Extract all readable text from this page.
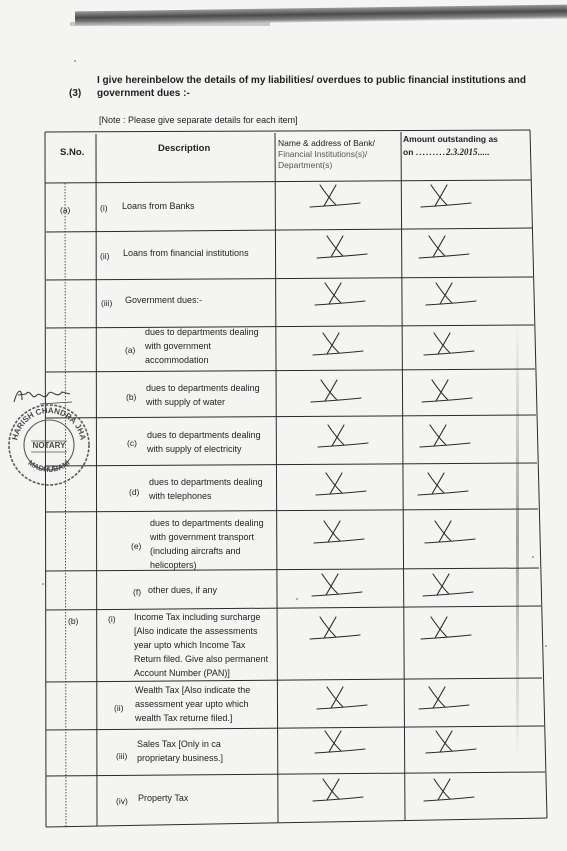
(3)
I give hereinbelow the details of my liabilities/ overdues to public financial institutions and government dues :-
[Note : Please give separate details for each item]
S.No.	Description	Name & address of Bank/
Financial Institutions(s)/
Department(s)
Amount outstanding as
on .........2.3.2015.....
(a)
(b)
(i)
(ii)
(iii)
(a)
(b)
(c)
(d)
(e)
(f)
(i)
(ii)
(iii)
(iv)
Loans from Banks
Loans from financial institutions
Government dues:-
dues to departments dealing
with government
accommodation
dues to departments dealing
with supply of water
dues to departments dealing
with supply of electricity
dues to departments dealing
with telephones
dues to departments dealing
with government transport
(including aircrafts and
helicopters)
other dues, if any
Income Tax including surcharge
[Also indicate the assessments
year upto which Income Tax
Return filed. Give also permanent
Account Number (PAN)]
Wealth Tax [Also indicate the
assessment year upto which
wealth Tax returne filed.]
Sales Tax [Only in ca
proprietary business.]
Property Tax
HARISH CHANDRA JHA
MADHUBANI
NOTARY
